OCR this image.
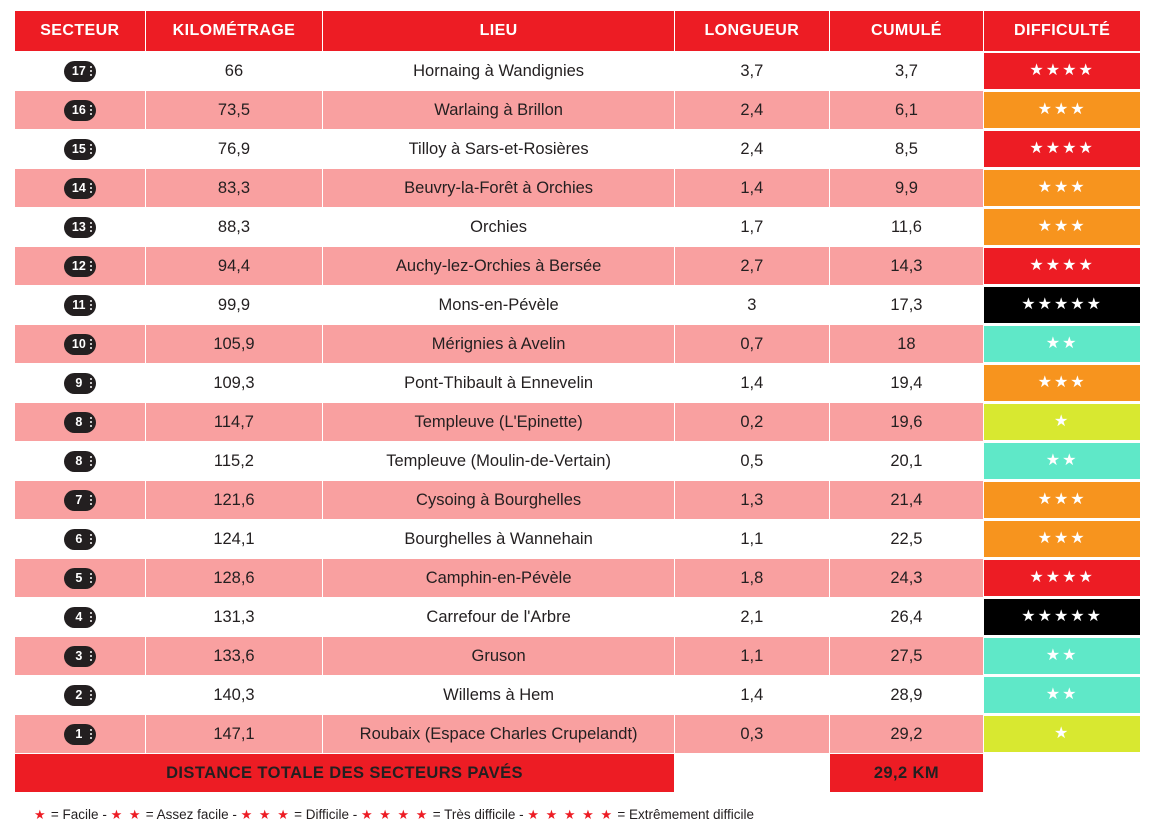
SECTEUR	KILOMÉTRAGE	LIEU	LONGUEUR	CUMULÉ	DIFFICULTÉ

17	66	Hornaing à Wandignies	3,7	3,7	★★★★

16	73,5	Warlaing à Brillon	2,4	6,1	★★★

15	76,9	Tilloy à Sars-et-Rosières	2,4	8,5	★★★★

14	83,3	Beuvry-la-Forêt à Orchies	1,4	9,9	★★★

13	88,3	Orchies	1,7	11,6	★★★

12	94,4	Auchy-lez-Orchies à Bersée	2,7	14,3	★★★★

11	99,9	Mons-en-Pévèle	3	17,3	★★★★★

10	105,9	Mérignies à Avelin	0,7	18	★★

9	109,3	Pont-Thibault à Ennevelin	1,4	19,4	★★★

8	114,7	Templeuve (L'Epinette)	0,2	19,6	★

8	115,2	Templeuve (Moulin-de-Vertain)	0,5	20,1	★★

7	121,6	Cysoing à Bourghelles	1,3	21,4	★★★

6	124,1	Bourghelles à Wannehain	1,1	22,5	★★★

5	128,6	Camphin-en-Pévèle	1,8	24,3	★★★★

4	131,3	Carrefour de l'Arbre	2,1	26,4	★★★★★

3	133,6	Gruson	1,1	27,5	★★

2	140,3	Willems à Hem	1,4	28,9	★★

1	147,1	Roubaix (Espace Charles Crupelandt)	0,3	29,2	★

DISTANCE TOTALE DES SECTEURS PAVÉS				29,2 KM	
★ = Facile - ★ ★ = Assez facile - ★ ★ ★ = Difficile - ★ ★ ★ ★ = Très difficile - ★ ★ ★ ★ ★ = Extrêmement difficile
